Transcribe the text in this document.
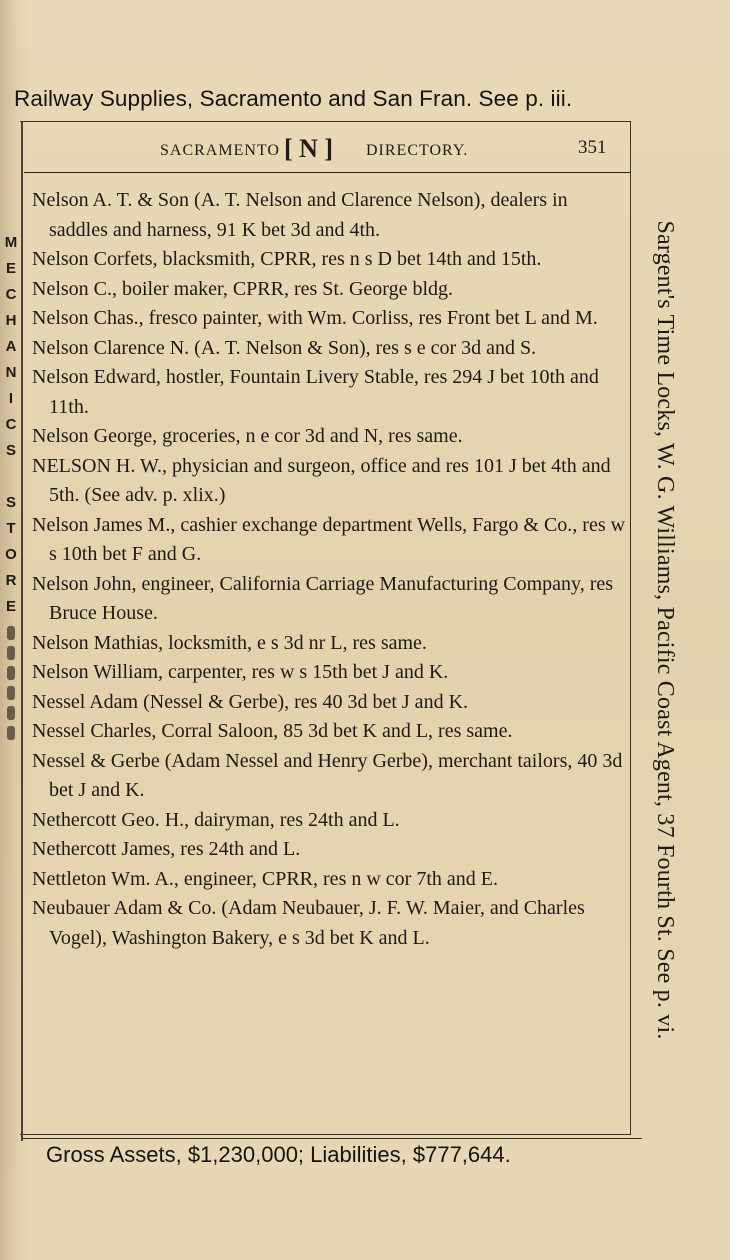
Railway Supplies, Sacramento and San Fran. See p. iii.
SACRAMENTO [ N ] DIRECTORY.	351

Nelson A. T. & Son (A. T. Nelson and Clarence Nelson), dealers in saddles and harness, 91 K bet 3d and 4th.

Nelson Corfets, blacksmith, CPRR, res n s D bet 14th and 15th.

Nelson C., boiler maker, CPRR, res St. George bldg.

Nelson Chas., fresco painter, with Wm. Corliss, res Front bet L and M.

Nelson Clarence N. (A. T. Nelson & Son), res s e cor 3d and S.

Nelson Edward, hostler, Fountain Livery Stable, res 294 J bet 10th and 11th.

Nelson George, groceries, n e cor 3d and N, res same.

NELSON H. W., physician and surgeon, office and res 101 J bet 4th and 5th. (See adv. p. xlix.)

Nelson James M., cashier exchange department Wells, Fargo & Co., res w s 10th bet F and G.

Nelson John, engineer, California Carriage Manufacturing Company, res Bruce House.

Nelson Mathias, locksmith, e s 3d nr L, res same.

Nelson William, carpenter, res w s 15th bet J and K.

Nessel Adam (Nessel & Gerbe), res 40 3d bet J and K.

Nessel Charles, Corral Saloon, 85 3d bet K and L, res same.

Nessel & Gerbe (Adam Nessel and Henry Gerbe), merchant tailors, 40 3d bet J and K.

Nethercott Geo. H., dairyman, res 24th and L.

Nethercott James, res 24th and L.

Nettleton Wm. A., engineer, CPRR, res n w cor 7th and E.

Neubauer Adam & Co. (Adam Neubauer, J. F. W. Maier, and Charles Vogel), Washington Bakery, e s 3d bet K and L.	Sargent's Time Locks, W. G. Williams, Pacific Coast Agent, 37 Fourth St. See p. vi.
M
E
C
H
A
N
I
C
S

S
T
O
R
E
Gross Assets, $1,230,000; Liabilities, $777,644.
